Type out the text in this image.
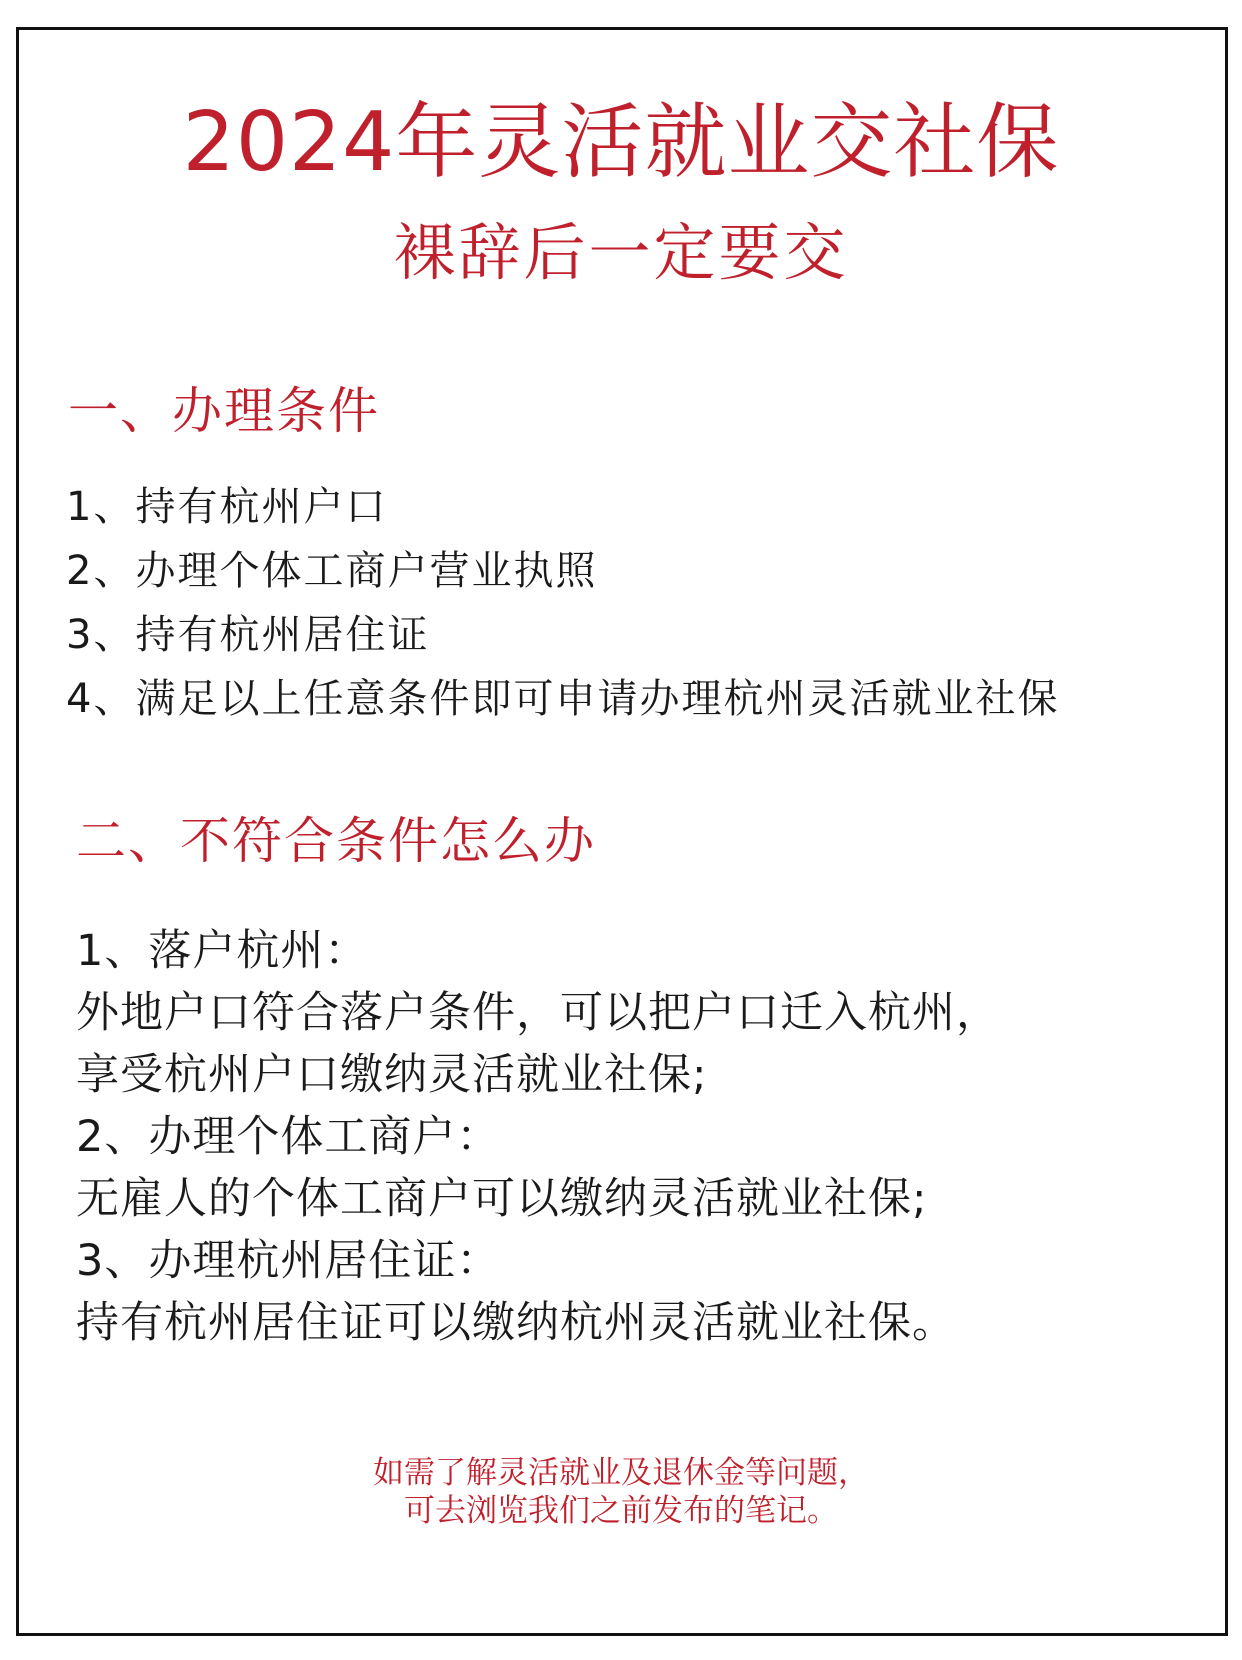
2024年灵活就业交社保
裸辞后一定要交
一、办理条件
1、持有杭州户口
2、办理个体工商户营业执照
3、持有杭州居住证
4、满足以上任意条件即可申请办理杭州灵活就业社保
二、不符合条件怎么办
1、落户杭州：
外地户口符合落户条件，可以把户口迁入杭州，
享受杭州户口缴纳灵活就业社保;
2、办理个体工商户：
无雇人的个体工商户可以缴纳灵活就业社保;
3、办理杭州居住证：
持有杭州居住证可以缴纳杭州灵活就业社保。
如需了解灵活就业及退休金等问题，
可去浏览我们之前发布的笔记。
